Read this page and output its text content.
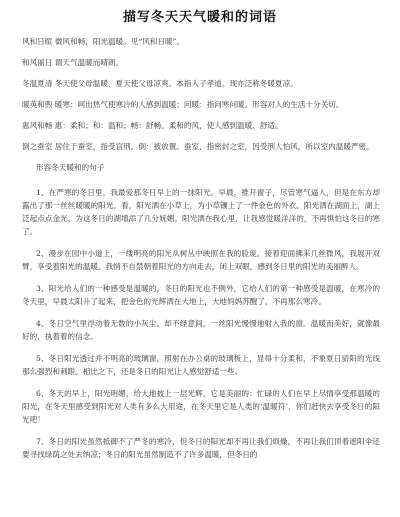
描写冬天天气暖和的词语

风和日暄 微风和畅，阳光温暖。见“风和日暖”。

和风丽日 谓天气温暖而晴朗。

冬温夏清 冬天使父母温暖，夏天使父母凉爽。本指人子孝道。现亦泛称冬暖夏凉。

暖英和煦 暖寒：呵出热气使寒冷的人感到温暖；问暖：指问寒问暖。形容对人的生活十分关切。

惠风和畅 惠：柔和；和：温和；畅：舒畅。柔和的风，使人感到温暖、舒适。

倒之蚕室 居住于蚕室，指受宫刑。倒：被放置。蚕室，指密封之室，因受刑人怕风，所以室内温暖严密。

形容冬天暖和的句子

1、在严寒的冬日里，我最爱那冬日早上的一抹阳光。早晨，推开窗子，尽管寒气逼人，但是在东方却露出了那一丝丝暖暖的阳光。看，阳光洒在小草上，为小草镶上了一件金色的外衣。阳光洒在湖面上，湖上泛起点点金光，为这冬日的湖增添了几分妩媚。阳光洒在我心里，让我感觉暖洋洋的，不再惧怕这冬日的寒了。

2、漫步在园中小道上，一缕明亮的阳光从树丛中映照在我的脸庞。接着迎面拂来几丝微风，我展开双臂，享受着阳光的温暖。我悄不自禁朝着阳光的方向走去，闭上双眼，感到冬日里的阳光的美丽醉人。

3、阳光给人们的一种感受是温暖的，冬日的阳光也不例外，它给人们的第一种感受是温暖，在寒冷的冬天里，早晨太阳升了起来，把金色的光辉洒在大地上，大地妈妈苏醒了，不再那么寒冷。

4、冬日空气里浮动着无数的小灰尘。却不经意间，一丝阳光慢慢地射入我的窗。温暖而美好，就像最好的，执着着的信念。

5、冬日阳光透过并不明亮的玻璃窗，照射在办公桌的玻璃板上，显得十分柔和，不象夏日骄阳的光线那么强烈和刺眼。相比之下，还是冬日的阳光让人感觉舒适一些。

6、冬天的早上，阳光明媚，给大地披上一层光辉，它是美丽的：忙碌的人们在早上尽情享受那温暖的阳光，在冬天里感受到阳光对人类有多么大用途，在冬天里它是人类的‘温暖符’，你们赶快去享受冬日的阳光吧！

7、冬日的阳光虽然抵御不了严冬的寒冷，但冬日的阳光却不再让我们烦燥，不再让我们顶着遮阳伞还要寻找绿荫之处去纳凉；冬日的阳光虽然制造不了许多温暖，但冬日的
